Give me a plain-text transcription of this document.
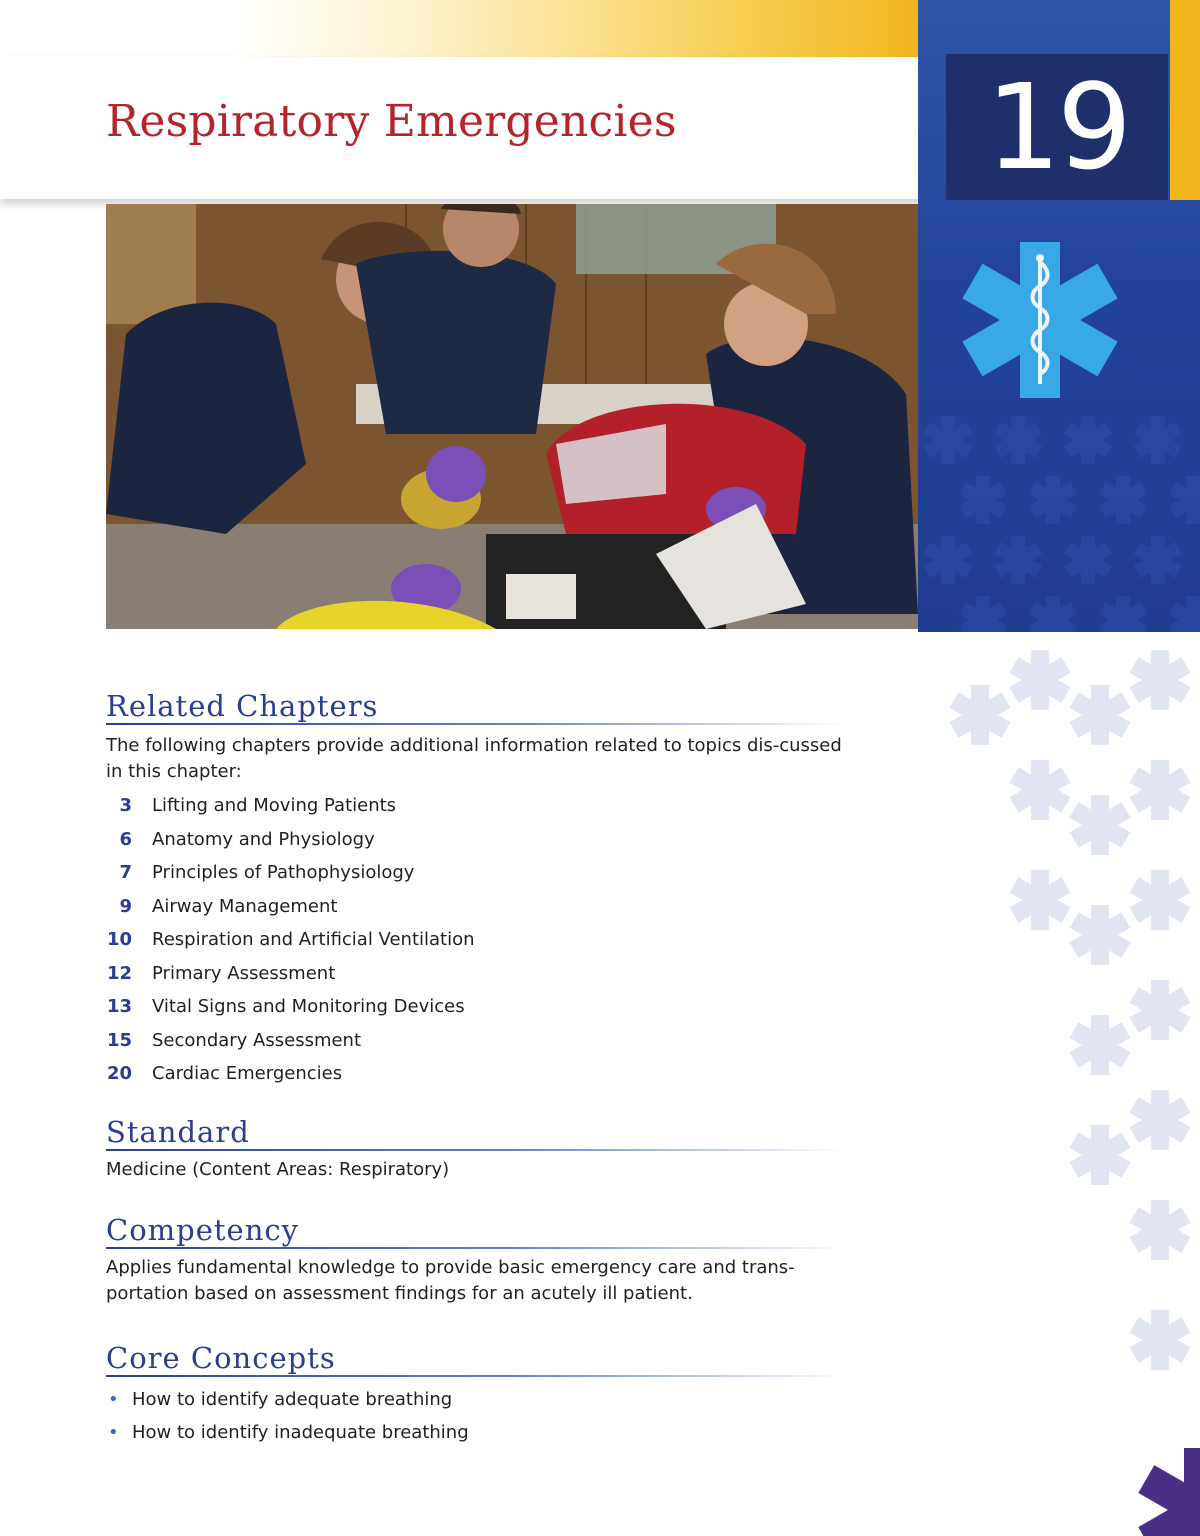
Respiratory Emergencies	19
Related Chapters

The following chapters provide additional information related to topics dis-cussed in this chapter:

3 Lifting and Moving Patients
6 Anatomy and Physiology
7 Principles of Pathophysiology
9 Airway Management
10 Respiration and Artificial Ventilation
12 Primary Assessment
13 Vital Signs and Monitoring Devices
15 Secondary Assessment
20 Cardiac Emergencies
Standard

Medicine (Content Areas: Respiratory)

Competency

Applies fundamental knowledge to provide basic emergency care and trans-portation based on assessment findings for an acutely ill patient.

Core Concepts
• How to identify adequate breathing
• How to identify inadequate breathing
